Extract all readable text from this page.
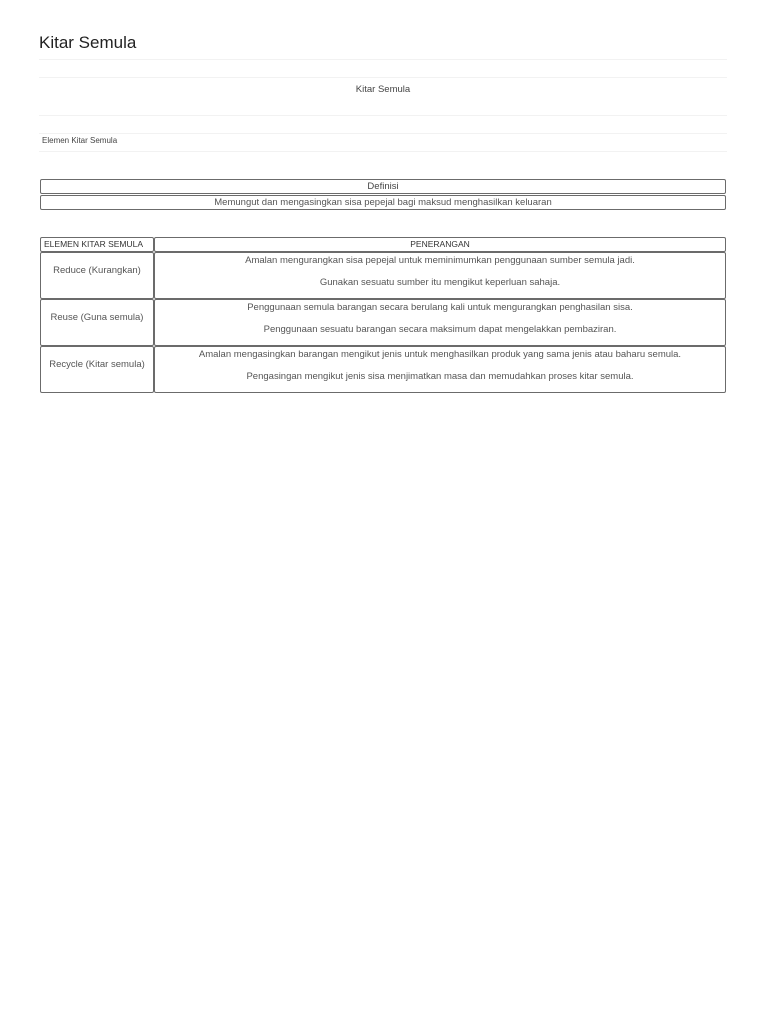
Kitar Semula
Kitar Semula
Elemen Kitar Semula
Definisi
Memungut dan mengasingkan sisa pepejal bagi maksud menghasilkan keluaran
ELEMEN KITAR SEMULA	PENERANGAN
Reduce (Kurangkan)

Amalan mengurangkan sisa pepejal untuk meminimumkan penggunaan sumber semula jadi.

Gunakan sesuatu sumber itu mengikut keperluan sahaja.

Reuse (Guna semula)

Penggunaan semula barangan secara berulang kali untuk mengurangkan penghasilan sisa.

Penggunaan sesuatu barangan secara maksimum dapat mengelakkan pembaziran.

Recycle (Kitar semula)

Amalan mengasingkan barangan mengikut jenis untuk menghasilkan produk yang sama jenis atau baharu semula.

Pengasingan mengikut jenis sisa menjimatkan masa dan memudahkan proses kitar semula.
